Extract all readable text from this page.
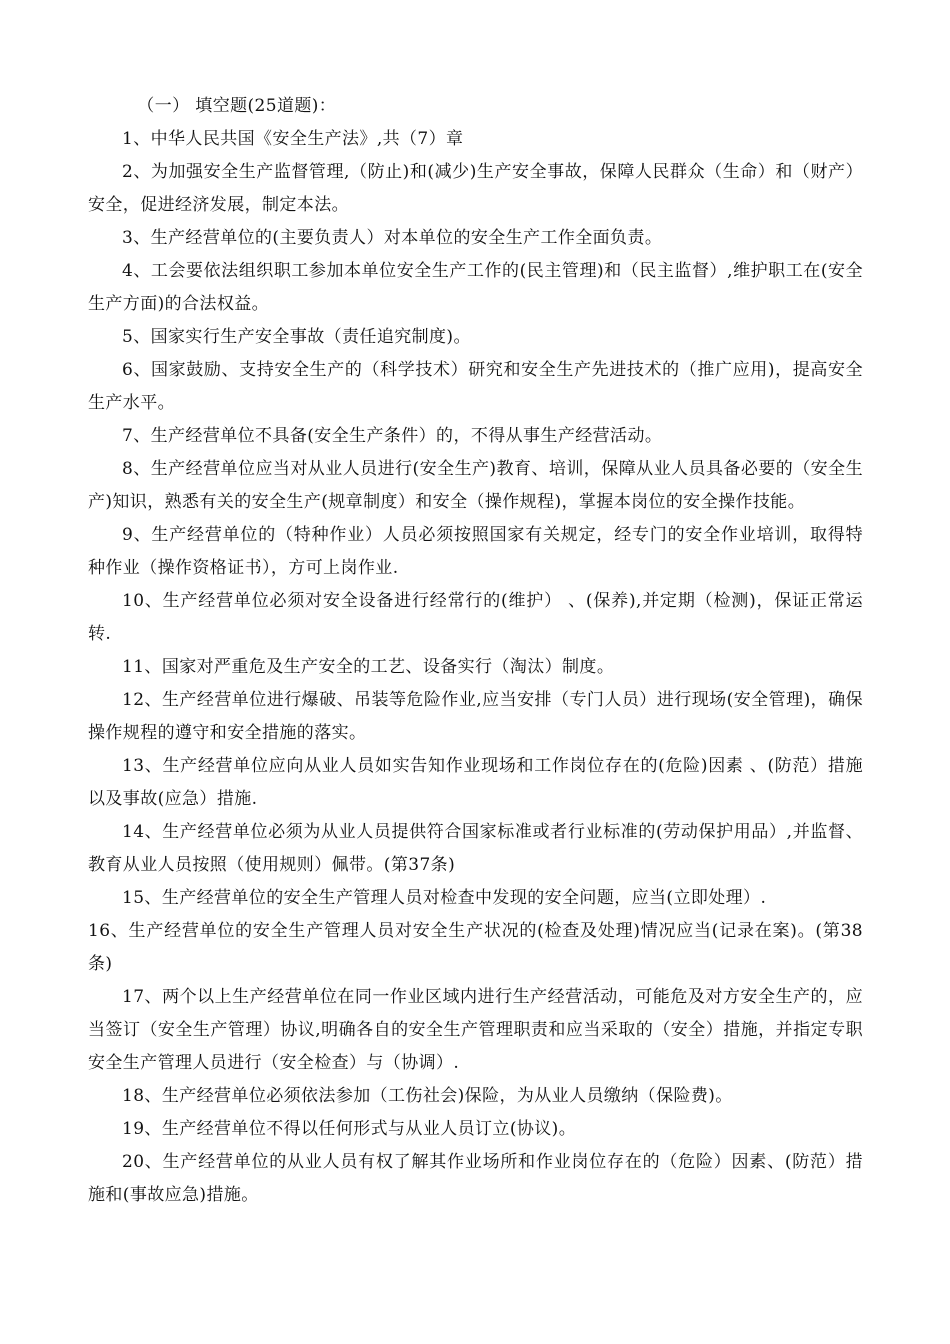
（一） 填空题(25道题)：

1、中华人民共国《安全生产法》,共（7）章

2、为加强安全生产监督管理,（防止)和(减少)生产安全事故，保障人民群众（生命）和（财产）安全，促进经济发展，制定本法。

3、生产经营单位的(主要负责人）对本单位的安全生产工作全面负责。

4、工会要依法组织职工参加本单位安全生产工作的(民主管理)和（民主监督）,维护职工在(安全生产方面)的合法权益。

5、国家实行生产安全事故（责任追究制度)。

6、国家鼓励、支持安全生产的（科学技术）研究和安全生产先进技术的（推广应用)，提高安全生产水平。

7、生产经营单位不具备(安全生产条件）的，不得从事生产经营活动。

8、生产经营单位应当对从业人员进行(安全生产)教育、培训，保障从业人员具备必要的（安全生产)知识，熟悉有关的安全生产(规章制度）和安全（操作规程)，掌握本岗位的安全操作技能。

9、生产经营单位的（特种作业）人员必须按照国家有关规定，经专门的安全作业培训，取得特种作业（操作资格证书），方可上岗作业.

10、生产经营单位必须对安全设备进行经常行的(维护） 、(保养),并定期（检测)，保证正常运转.

11、国家对严重危及生产安全的工艺、设备实行（淘汰）制度。

12、生产经营单位进行爆破、吊装等危险作业,应当安排（专门人员）进行现场(安全管理)，确保操作规程的遵守和安全措施的落实。

13、生产经营单位应向从业人员如实告知作业现场和工作岗位存在的(危险)因素 、(防范）措施以及事故(应急）措施.

14、生产经营单位必须为从业人员提供符合国家标准或者行业标准的(劳动保护用品）,并监督、 教育从业人员按照（使用规则）佩带。(第37条)

15、生产经营单位的安全生产管理人员对检查中发现的安全问题，应当(立即处理）.

16、生产经营单位的安全生产管理人员对安全生产状况的(检查及处理)情况应当(记录在案)。(第38条)

17、两个以上生产经营单位在同一作业区域内进行生产经营活动，可能危及对方安全生产的，应当签订（安全生产管理）协议,明确各自的安全生产管理职责和应当采取的（安全）措施，并指定专职安全生产管理人员进行（安全检查）与（协调）.

18、生产经营单位必须依法参加（工伤社会)保险，为从业人员缴纳（保险费)。

19、生产经营单位不得以任何形式与从业人员订立(协议)。

20、生产经营单位的从业人员有权了解其作业场所和作业岗位存在的（危险）因素、(防范）措施和(事故应急)措施。
